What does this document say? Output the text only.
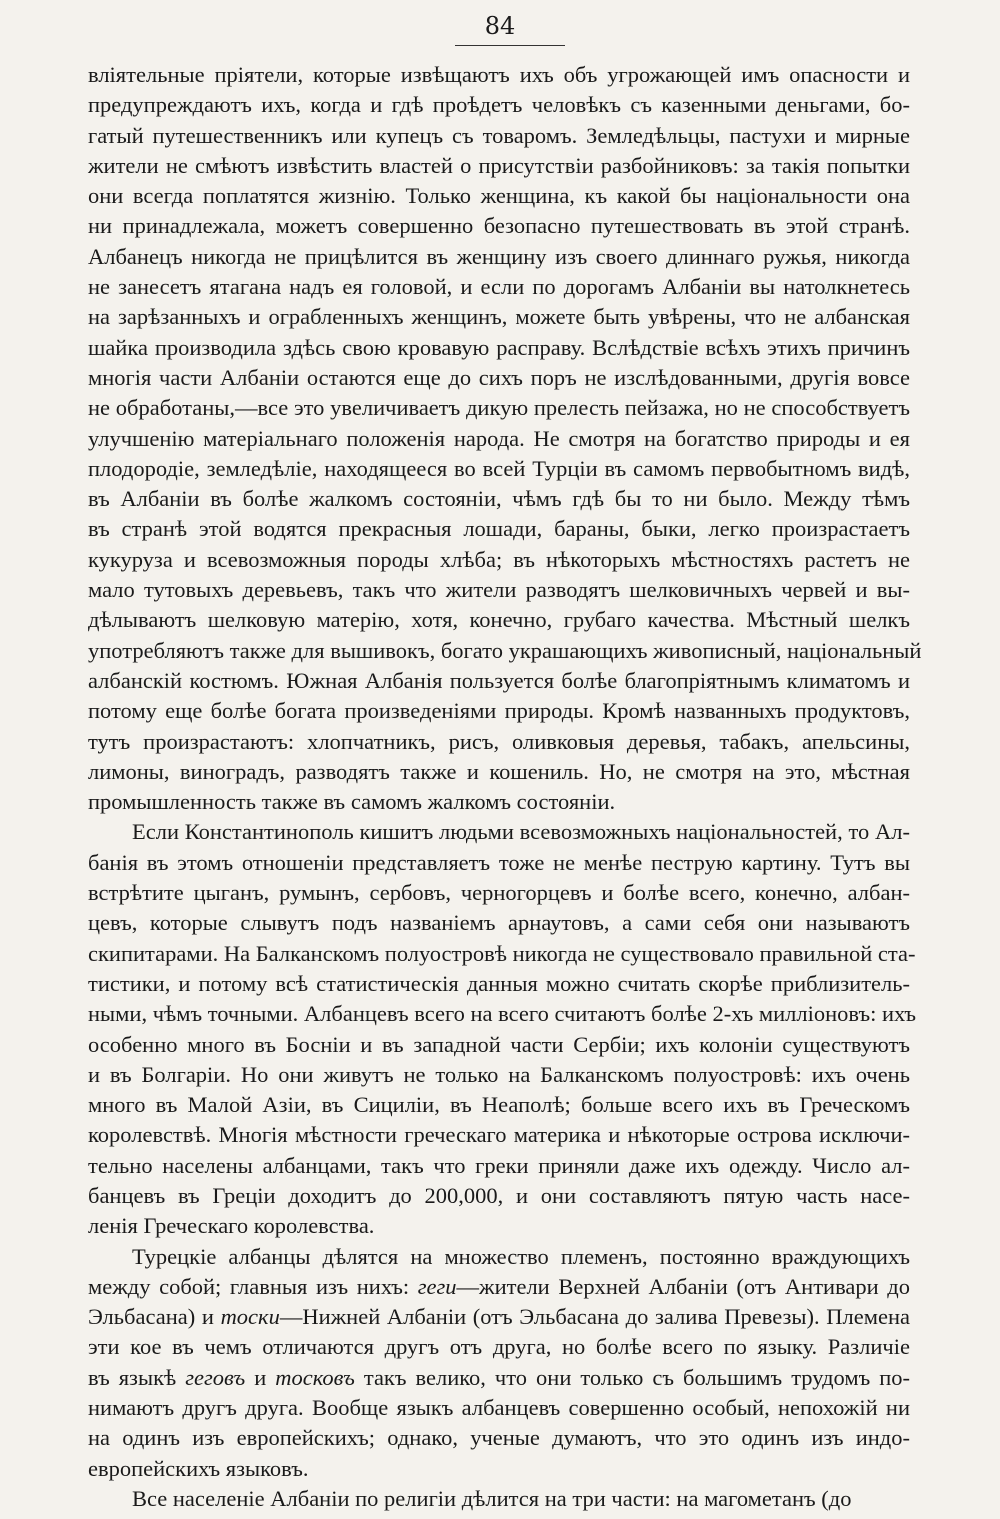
84
влiятельные прiятели, которые извѣщаютъ ихъ объ угрожающей имъ опасности и
предупреждаютъ ихъ, когда и гдѣ проѣдетъ человѣкъ съ казенными деньгами, бо-
гатый путешественникъ или купецъ съ товаромъ. Земледѣльцы, пастухи и мирные
жители не смѣютъ извѣстить властей о присутствiи разбойниковъ: за такiя попытки
они всегда поплатятся жизнiю. Только женщина, къ какой бы нацiональности она
ни принадлежала, можетъ совершенно безопасно путешествовать въ этой странѣ.
Албанецъ никогда не прицѣлится въ женщину изъ своего длиннаго ружья, никогда
не занесетъ ятагана надъ ея головой, и если по дорогамъ Албанiи вы натолкнетесь
на зарѣзанныхъ и ограбленныхъ женщинъ, можете быть увѣрены, что не албанская
шайка производила здѣсь свою кровавую расправу. Вслѣдствiе всѣхъ этихъ причинъ
многiя части Албанiи остаются еще до сихъ поръ не изслѣдованными, другiя вовсе
не обработаны,—все это увеличиваетъ дикую прелесть пейзажа, но не способствуетъ
улучшенiю матерiальнаго положенiя народа. Не смотря на богатство природы и ея
плодородiе, земледѣлiе, находящееся во всей Турцiи въ самомъ первобытномъ видѣ,
въ Албанiи въ болѣе жалкомъ состоянiи, чѣмъ гдѣ бы то ни было. Между тѣмъ
въ странѣ этой водятся прекрасныя лошади, бараны, быки, легко произрастаетъ
кукуруза и всевозможныя породы хлѣба; въ нѣкоторыхъ мѣстностяхъ растетъ не
мало тутовыхъ деревьевъ, такъ что жители разводятъ шелковичныхъ червей и вы-
дѣлываютъ шелковую матерiю, хотя, конечно, грубаго качества. Мѣстный шелкъ
употребляютъ также для вышивокъ, богато украшающихъ живописный, нацiональный
албанскiй костюмъ. Южная Албанiя пользуется болѣе благопрiятнымъ климатомъ и
потому еще болѣе богата произведенiями природы. Кромѣ названныхъ продуктовъ,
тутъ произрастаютъ: хлопчатникъ, рисъ, оливковыя деревья, табакъ, апельсины,
лимоны, виноградъ, разводятъ также и кошениль. Но, не смотря на это, мѣстная
промышленность также въ самомъ жалкомъ состоянiи.
Если Константинополь кишитъ людьми всевозможныхъ нацiональностей, то Ал-
банiя въ этомъ отношенiи представляетъ тоже не менѣе пеструю картину. Тутъ вы
встрѣтите цыганъ, румынъ, сербовъ, черногорцевъ и болѣе всего, конечно, албан-
цевъ, которые слывутъ подъ названiемъ арнаутовъ, а сами себя они называютъ
скипитарами. На Балканскомъ полуостровѣ никогда не существовало правильной ста-
тистики, и потому всѣ статистическiя данныя можно считать скорѣе приблизитель-
ными, чѣмъ точными. Албанцевъ всего на всего считаютъ болѣе 2-хъ миллiоновъ: ихъ
особенно много въ Боснiи и въ западной части Сербiи; ихъ колонiи существуютъ
и въ Болгарiи. Но они живутъ не только на Балканскомъ полуостровѣ: ихъ очень
много въ Малой Азiи, въ Сицилiи, въ Неаполѣ; больше всего ихъ въ Греческомъ
королевствѣ. Многiя мѣстности греческаго материка и нѣкоторые острова исключи-
тельно населены албанцами, такъ что греки приняли даже ихъ одежду. Число ал-
банцевъ въ Грецiи доходитъ до 200,000, и они составляютъ пятую часть насе-
ленiя Греческаго королевства.
Турецкiе албанцы дѣлятся на множество племенъ, постоянно враждующихъ
между собой; главныя изъ нихъ: геги—жители Верхней Албанiи (отъ Антивари до
Эльбасана) и тоски—Нижней Албанiи (отъ Эльбасана до залива Превезы). Племена
эти кое въ чемъ отличаются другъ отъ друга, но болѣе всего по языку. Различiе
въ языкѣ геговъ и тосковъ такъ велико, что они только съ большимъ трудомъ по-
нимаютъ другъ друга. Вообще языкъ албанцевъ совершенно особый, непохожiй ни
на одинъ изъ европейскихъ; однако, ученые думаютъ, что это одинъ изъ индо-
европейскихъ языковъ.
Все населенiе Албанiи по религiи дѣлится на три части: на магометанъ (до
